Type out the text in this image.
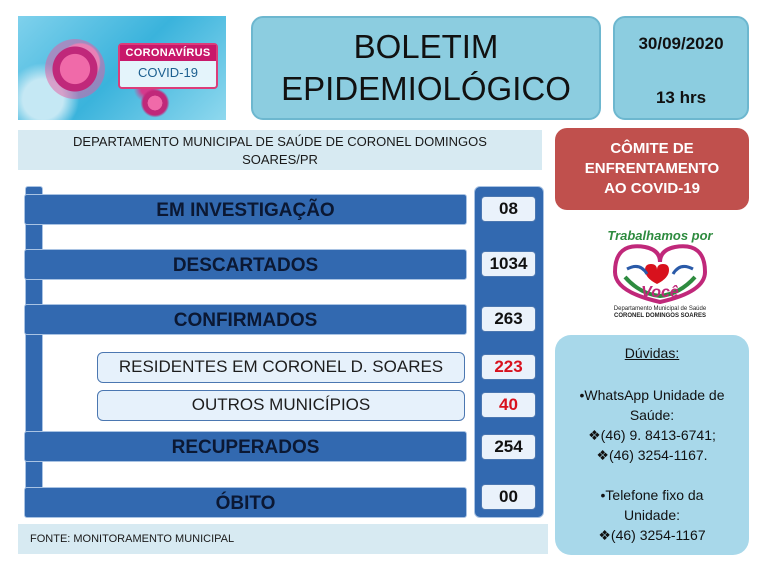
CORONAVÍRUS
COVID-19
BOLETIM
EPIDEMIOLÓGICO
30/09/2020
13 hrs
DEPARTAMENTO MUNICIPAL DE SAÚDE DE CORONEL DOMINGOS SOARES/PR
CÔMITE DE
ENFRENTAMENTO
AO COVID-19
Trabalhamos por
Você
Departamento Municipal de Saúde
CORONEL DOMINGOS SOARES
EM INVESTIGAÇÃO
DESCARTADOS
CONFIRMADOS
RESIDENTES EM CORONEL D. SOARES
OUTROS MUNICÍPIOS
RECUPERADOS
ÓBITO
08
1034
263
223
40
254
00
FONTE: MONITORAMENTO MUNICIPAL

Dúvidas:

•WhatsApp Unidade de Saúde:

❖(46) 9. 8413-6741;

❖(46) 3254-1167.

•Telefone fixo da Unidade:

❖(46) 3254-1167
